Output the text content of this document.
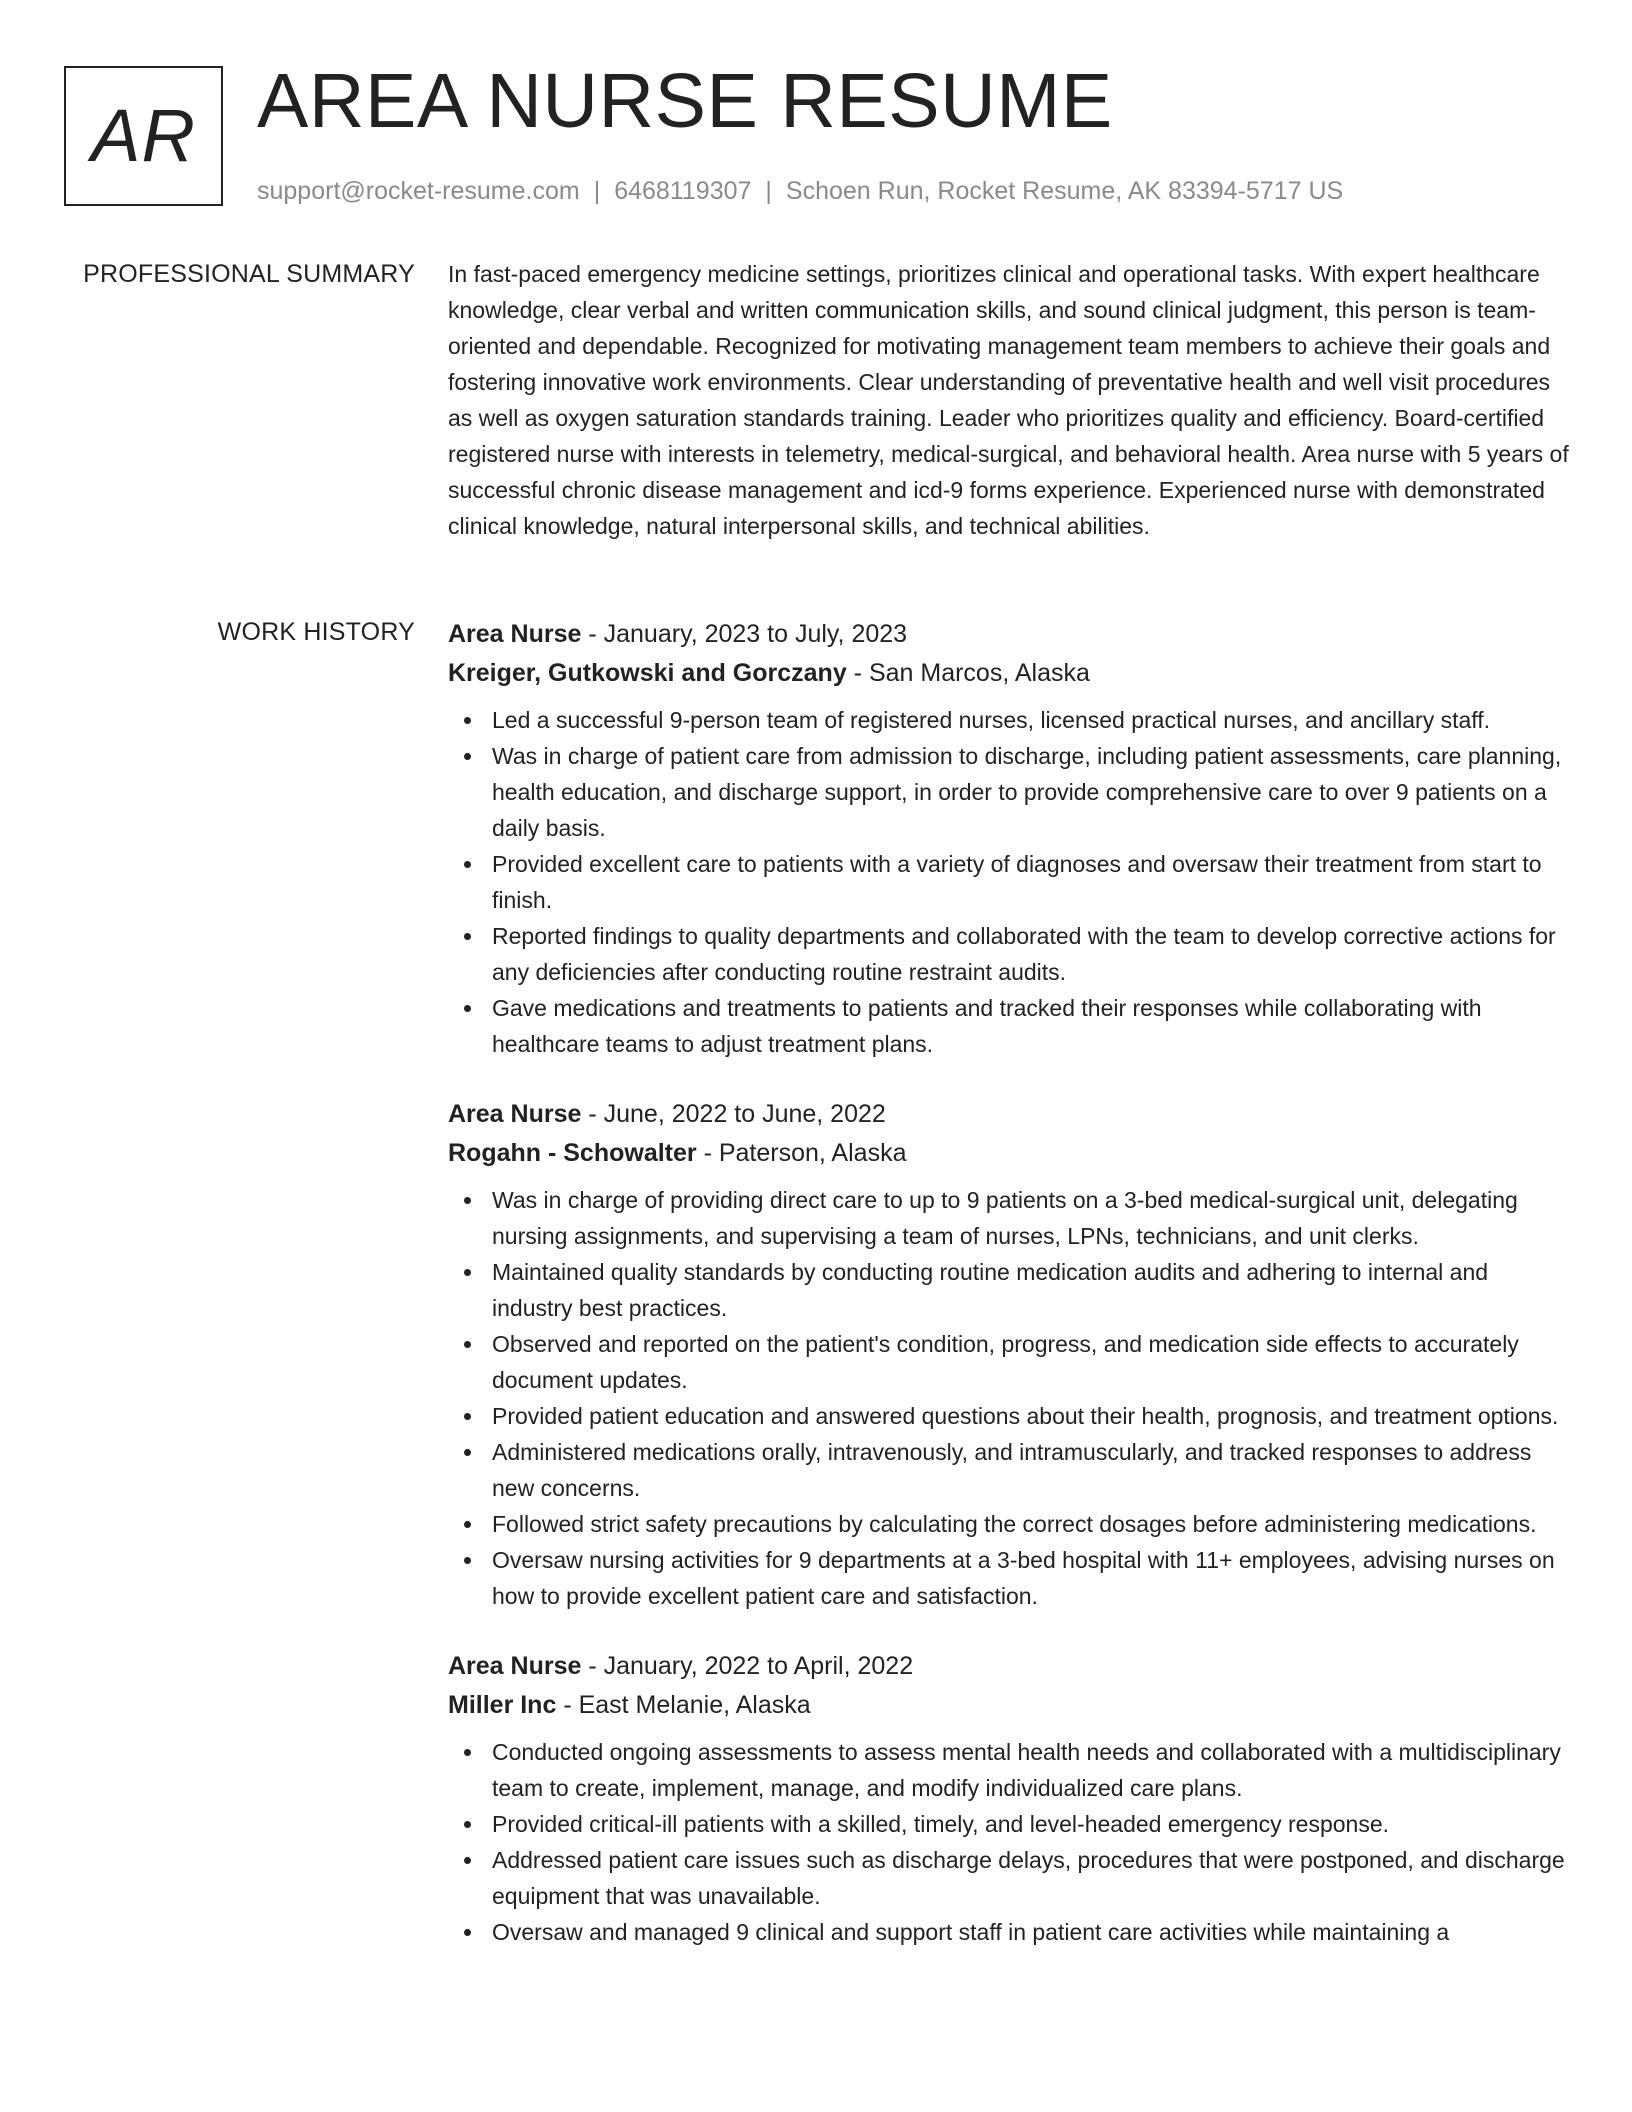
AR AREA NURSE RESUME
support@rocket-resume.com | 6468119307 | Schoen Run, Rocket Resume, AK 83394-5717 US
PROFESSIONAL SUMMARY In fast-paced emergency medicine settings, prioritizes clinical and operational tasks. With expert healthcare knowledge, clear verbal and written communication skills, and sound clinical judgment, this person is team-oriented and dependable. Recognized for motivating management team members to achieve their goals and fostering innovative work environments. Clear understanding of preventative health and well visit procedures as well as oxygen saturation standards training. Leader who prioritizes quality and efficiency. Board-certified registered nurse with interests in telemetry, medical-surgical, and behavioral health. Area nurse with 5 years of successful chronic disease management and icd-9 forms experience. Experienced nurse with demonstrated clinical knowledge, natural interpersonal skills, and technical abilities.

WORK HISTORY Area Nurse - January, 2023 to July, 2023
Kreiger, Gutkowski and Gorczany - San Marcos, Alaska
Led a successful 9-person team of registered nurses, licensed practical nurses, and ancillary staff.
Was in charge of patient care from admission to discharge, including patient assessments, care planning, health education, and discharge support, in order to provide comprehensive care to over 9 patients on a daily basis.
Provided excellent care to patients with a variety of diagnoses and oversaw their treatment from start to finish.
Reported findings to quality departments and collaborated with the team to develop corrective actions for any deficiencies after conducting routine restraint audits.
Gave medications and treatments to patients and tracked their responses while collaborating with healthcare teams to adjust treatment plans.
Area Nurse - June, 2022 to June, 2022
Rogahn - Schowalter - Paterson, Alaska
Was in charge of providing direct care to up to 9 patients on a 3-bed medical-surgical unit, delegating nursing assignments, and supervising a team of nurses, LPNs, technicians, and unit clerks.
Maintained quality standards by conducting routine medication audits and adhering to internal and industry best practices.
Observed and reported on the patient's condition, progress, and medication side effects to accurately document updates.
Provided patient education and answered questions about their health, prognosis, and treatment options.
Administered medications orally, intravenously, and intramuscularly, and tracked responses to address new concerns.
Followed strict safety precautions by calculating the correct dosages before administering medications.
Oversaw nursing activities for 9 departments at a 3-bed hospital with 11+ employees, advising nurses on how to provide excellent patient care and satisfaction.
Area Nurse - January, 2022 to April, 2022
Miller Inc - East Melanie, Alaska
Conducted ongoing assessments to assess mental health needs and collaborated with a multidisciplinary team to create, implement, manage, and modify individualized care plans.
Provided critical-ill patients with a skilled, timely, and level-headed emergency response.
Addressed patient care issues such as discharge delays, procedures that were postponed, and discharge equipment that was unavailable.
Oversaw and managed 9 clinical and support staff in patient care activities while maintaining a
